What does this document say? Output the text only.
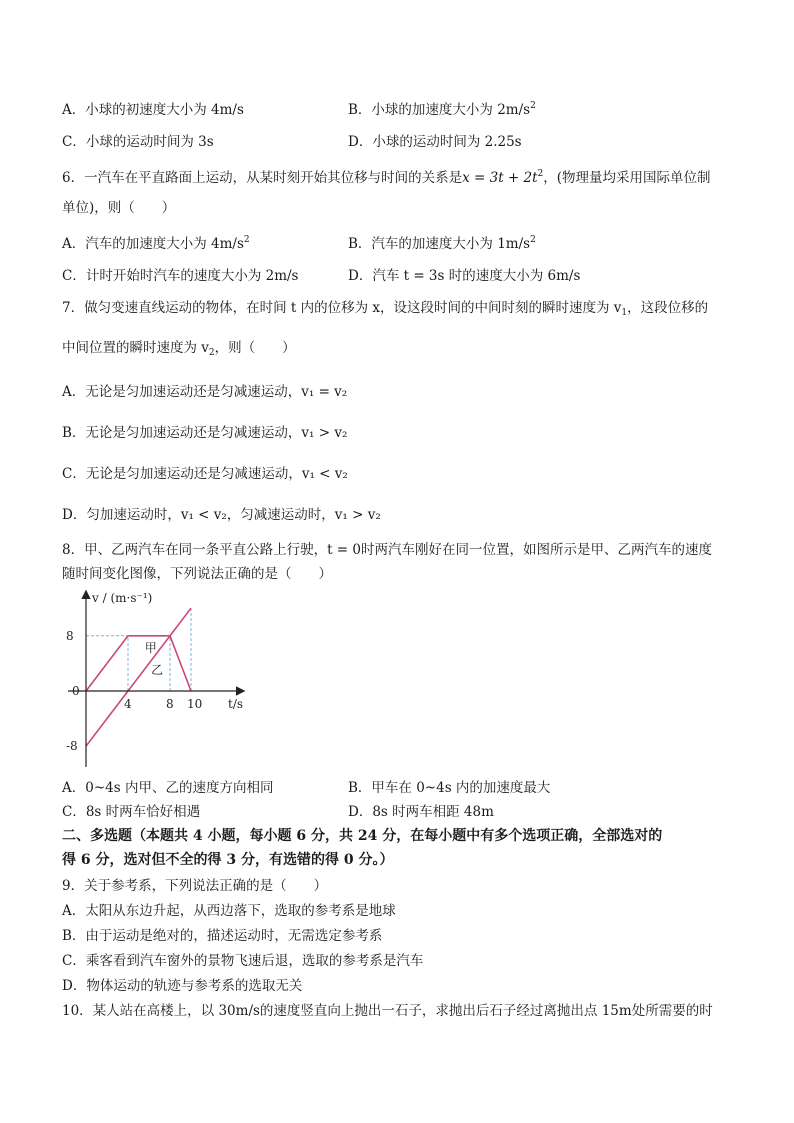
A．小球的初速度大小为 4m/s	B．小球的加速度大小为 $2m/s^2$
C．小球的运动时间为 3s	D．小球的运动时间为 2.25s
6．一汽车在平直路面上运动，从某时刻开始其位移与时间的关系是$x = 3t + 2t^2$，(物理量均采用国际单位制
单位)，则（　　）
A．汽车的加速度大小为 $4m/s^2$	B．汽车的加速度大小为 $1m/s^2$
C．计时开始时汽车的速度大小为 2m/s	D．汽车 t = 3s 时的速度大小为 6m/s
7．做匀变速直线运动的物体，在时间 t 内的位移为 x，设这段时间的中间时刻的瞬时速度为 $v_1$，这段位移的
中间位置的瞬时速度为 $v_2$，则（　　）
A．无论是匀加速运动还是匀减速运动，v₁ = v₂
B．无论是匀加速运动还是匀减速运动，v₁ > v₂
C．无论是匀加速运动还是匀减速运动，v₁ < v₂
D．匀加速运动时，v₁ < v₂，匀减速运动时，v₁ > v₂
8．甲、乙两汽车在同一条平直公路上行驶，t = 0时两汽车刚好在同一位置，如图所示是甲、乙两汽车的速度
随时间变化图像，下列说法正确的是（　　）
v / (m·s⁻¹)
t/s
0
4	8 10
8
-8
甲
乙
A．0~4s 内甲、乙的速度方向相同	B．甲车在 0~4s 内的加速度最大
C．8s 时两车恰好相遇	D．8s 时两车相距 48m
二、多选题（本题共 4 小题，每小题 6 分，共 24 分，在每小题中有多个选项正确，全部选对的
得 6 分，选对但不全的得 3 分，有选错的得 0 分。）
9．关于参考系，下列说法正确的是（　　）
A．太阳从东边升起，从西边落下，选取的参考系是地球
B．由于运动是绝对的，描述运动时，无需选定参考系
C．乘客看到汽车窗外的景物飞速后退，选取的参考系是汽车
D．物体运动的轨迹与参考系的选取无关
10．某人站在高楼上，以 30m/s的速度竖直向上抛出一石子，求抛出后石子经过离抛出点 15m处所需要的时
